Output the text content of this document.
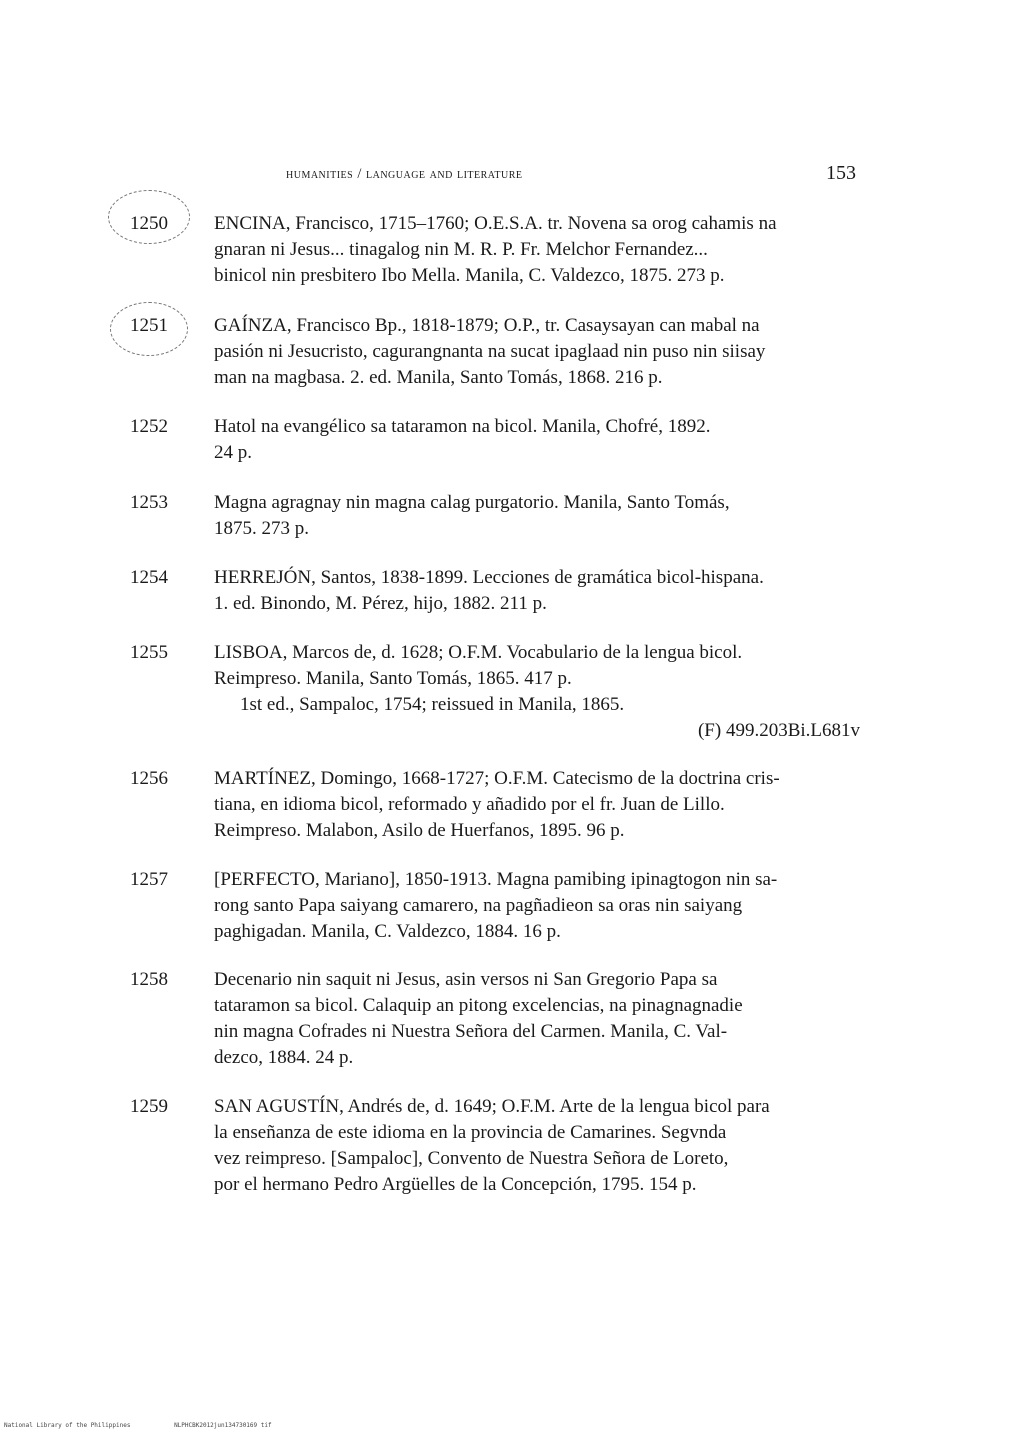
humanities / language and literature	153
1250	ENCINA, Francisco, 1715–1760; O.E.S.A. tr. Novena sa orog cahamis na
gnaran ni Jesus... tinagalog nin M. R. P. Fr. Melchor Fernandez...
binicol nin presbitero Ibo Mella. Manila, C. Valdezco, 1875. 273 p.
1251	GAÍNZA, Francisco Bp., 1818-1879; O.P., tr. Casaysayan can mabal na
pasión ni Jesucristo, cagurangnanta na sucat ipaglaad nin puso nin siisay
man na magbasa. 2. ed. Manila, Santo Tomás, 1868. 216 p.
1252	Hatol na evangélico sa tataramon na bicol. Manila, Chofré, 1892.
24 p.
1253	Magna agragnay nin magna calag purgatorio. Manila, Santo Tomás,
1875. 273 p.
1254	HERREJÓN, Santos, 1838-1899. Lecciones de gramática bicol-hispana.
1. ed. Binondo, M. Pérez, hijo, 1882. 211 p.
1255	LISBOA, Marcos de, d. 1628; O.F.M. Vocabulario de la lengua bicol.
Reimpreso. Manila, Santo Tomás, 1865. 417 p.
1st ed., Sampaloc, 1754; reissued in Manila, 1865.
(F) 499.203Bi.L681v
1256	MARTÍNEZ, Domingo, 1668-1727; O.F.M. Catecismo de la doctrina cris-
tiana, en idioma bicol, reformado y añadido por el fr. Juan de Lillo.
Reimpreso. Malabon, Asilo de Huerfanos, 1895. 96 p.
1257	[PERFECTO, Mariano], 1850-1913. Magna pamibing ipinagtogon nin sa-
rong santo Papa saiyang camarero, na pagñadieon sa oras nin saiyang
paghigadan. Manila, C. Valdezco, 1884. 16 p.
1258	Decenario nin saquit ni Jesus, asin versos ni San Gregorio Papa sa
tataramon sa bicol. Calaquip an pitong excelencias, na pinagnagnadie
nin magna Cofrades ni Nuestra Señora del Carmen. Manila, C. Val-
dezco, 1884. 24 p.
1259	SAN AGUSTÍN, Andrés de, d. 1649; O.F.M. Arte de la lengua bicol para
la enseñanza de este idioma en la provincia de Camarines. Segvnda
vez reimpreso. [Sampaloc], Convento de Nuestra Señora de Loreto,
por el hermano Pedro Argüelles de la Concepción, 1795. 154 p.
National Library of the Philippines	NLPHCBK2012jun134730169 tif
